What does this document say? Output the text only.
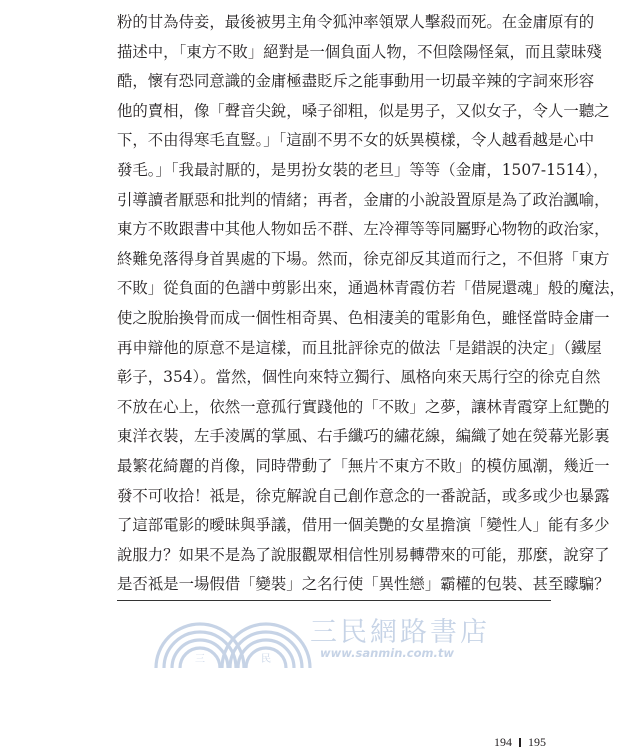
粉的甘為侍妾，最後被男主角令狐沖率領眾人擊殺而死。在金庸原有的
描述中，「東方不敗」絕對是一個負面人物，不但陰陽怪氣，而且蒙昧殘
酷，懷有恐同意識的金庸極盡貶斥之能事動用一切最辛辣的字詞來形容
他的賣相，像「聲音尖銳，嗓子卻粗，似是男子，又似女子，令人一聽之
下，不由得寒毛直豎。」「這副不男不女的妖異模樣，令人越看越是心中
發毛。」「我最討厭的，是男扮女裝的老旦」等等（金庸，1507-1514），
引導讀者厭惡和批判的情緒；再者，金庸的小說設置原是為了政治諷喻，
東方不敗跟書中其他人物如岳不群、左冷禪等等同屬野心物物的政治家，
終難免落得身首異處的下場。然而，徐克卻反其道而行之，不但將「東方
不敗」從負面的色譜中剪影出來，通過林青霞仿若「借屍還魂」般的魔法，
使之脫胎換骨而成一個性相奇異、色相淒美的電影角色，雖怪當時金庸一
再申辯他的原意不是這樣，而且批評徐克的做法「是錯誤的決定」（鐵屋
彰子，354）。當然，個性向來特立獨行、風格向來天馬行空的徐克自然
不放在心上，依然一意孤行實踐他的「不敗」之夢，讓林青霞穿上紅艷的
東洋衣裝，左手淩厲的掌風、右手纖巧的繡花線，編織了她在熒幕光影裏
最繁花綺麗的肖像，同時帶動了「無片不東方不敗」的模仿風潮，幾近一
發不可收拾！祗是，徐克解說自己創作意念的一番說話，或多或少也暴露
了這部電影的曖昧與爭議，借用一個美艷的女星擔演「變性人」能有多少
說服力？如果不是為了說服觀眾相信性別易轉帶來的可能，那麼，說穿了
是否祗是一場假借「變裝」之名行使「異性戀」霸權的包裝、甚至矇騙？
三	民
三民網路書店
www.sanmin.com.tw
194 195
